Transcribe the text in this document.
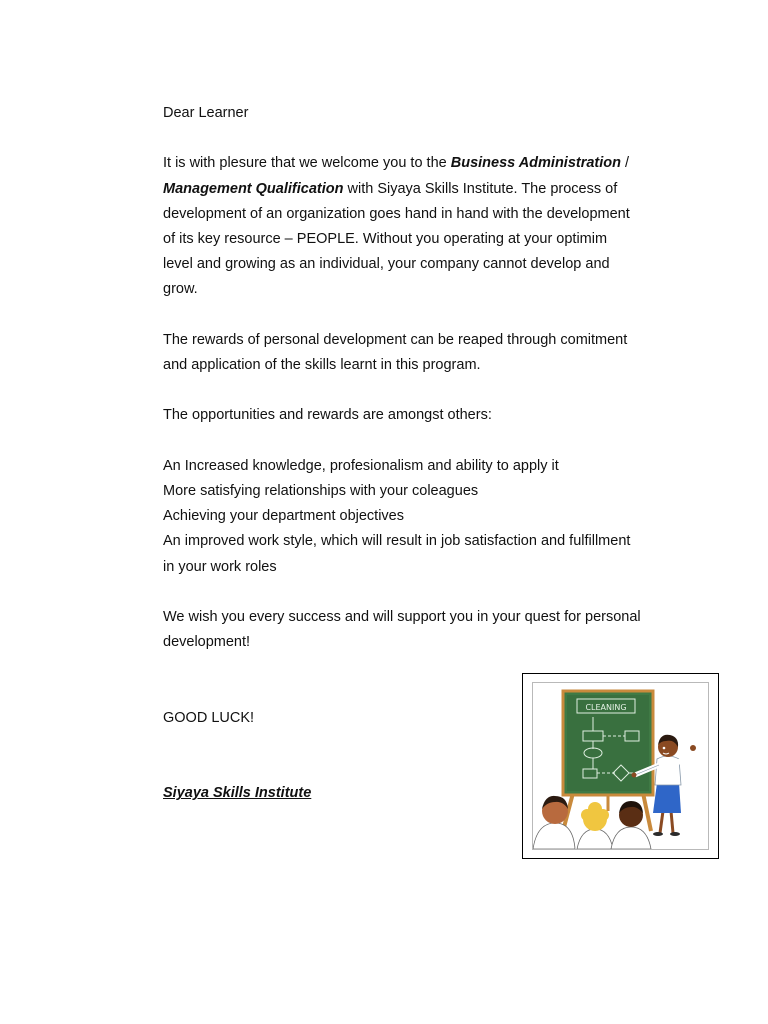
Dear Learner

It is with plesure that we welcome you to the Business Administration /

Management Qualification with Siyaya Skills Institute. The process of

development of an organization goes hand in hand with the development

of its key resource – PEOPLE. Without you operating at your optimim

level and growing as an individual, your company cannot develop and

grow.

The rewards of personal development can be reaped through comitment

and application of the skills learnt in this program.

The opportunities and rewards are amongst others:

An Increased knowledge, profesionalism and ability to apply it

More satisfying relationships with your coleagues

Achieving your department objectives

An improved work style, which will result in job satisfaction and fulfillment

in your work roles

We wish you every success and will support you in your quest for personal

development!

GOOD LUCK!

Siyaya Skills Institute

CLEANING
